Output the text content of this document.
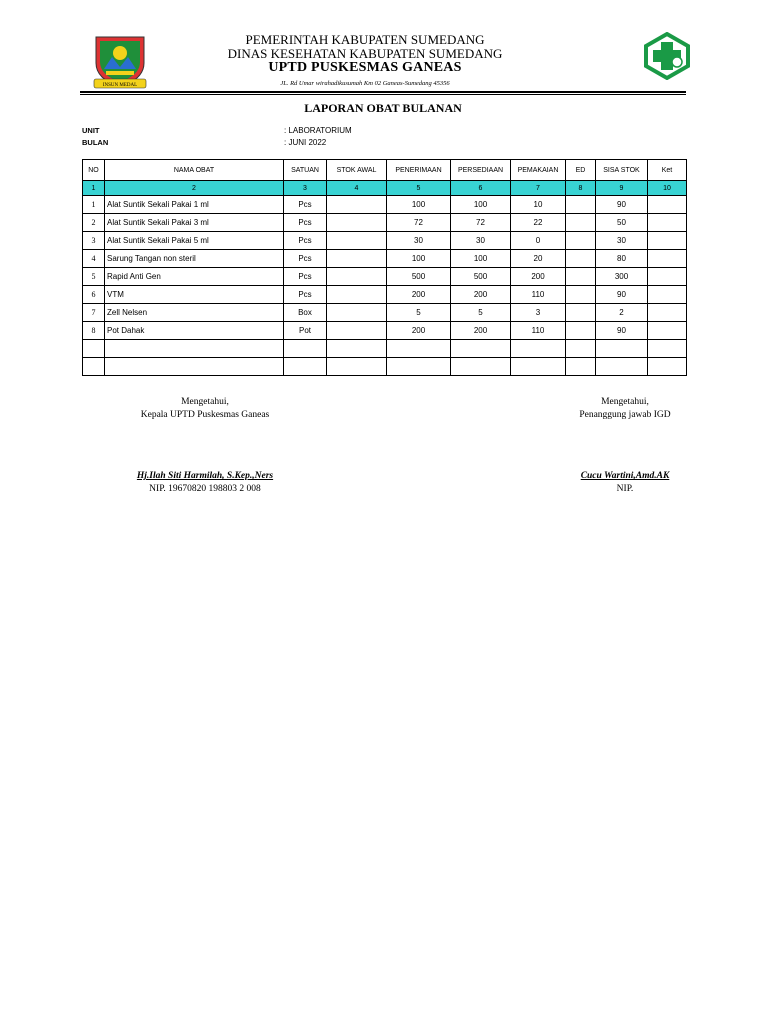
INSUN MEDAL
PEMERINTAH KABUPATEN SUMEDANG
DINAS KESEHATAN KABUPATEN SUMEDANG
UPTD PUSKESMAS GANEAS
JL. Rd Umar wirahadikusumah Km 02 Ganeas-Sumedang 45356
LAPORAN OBAT BULANAN
UNIT	: LABORATORIUM
BULAN	: JUNI 2022
NO	NAMA OBAT	SATUAN	STOK AWAL	PENERIMAAN	PERSEDIAAN	PEMAKAIAN	ED	SISA STOK	Ket
1	2	3	4	5	6	7	8	9	10
1	Alat Suntik Sekali Pakai 1 ml	Pcs		100	100	10		90	
2	Alat Suntik Sekali Pakai 3 ml	Pcs		72	72	22		50	
3	Alat Suntik Sekali Pakai 5 ml	Pcs		30	30	0		30	
4	Sarung Tangan non steril	Pcs		100	100	20		80	
5	Rapid Anti Gen	Pcs		500	500	200		300	
6	VTM	Pcs		200	200	110		90	
7	Zell Nelsen	Box		5	5	3		2	
8	Pot Dahak	Pot		200	200	110		90	

Mengetahui,
Kepala UPTD Puskesmas Ganeas
Hj.Ilah Siti Harmilah, S.Kep.,Ners
NIP. 19670820 198803 2 008
Mengetahui,
Penanggung jawab IGD
Cucu Wartini,Amd.AK
NIP.
